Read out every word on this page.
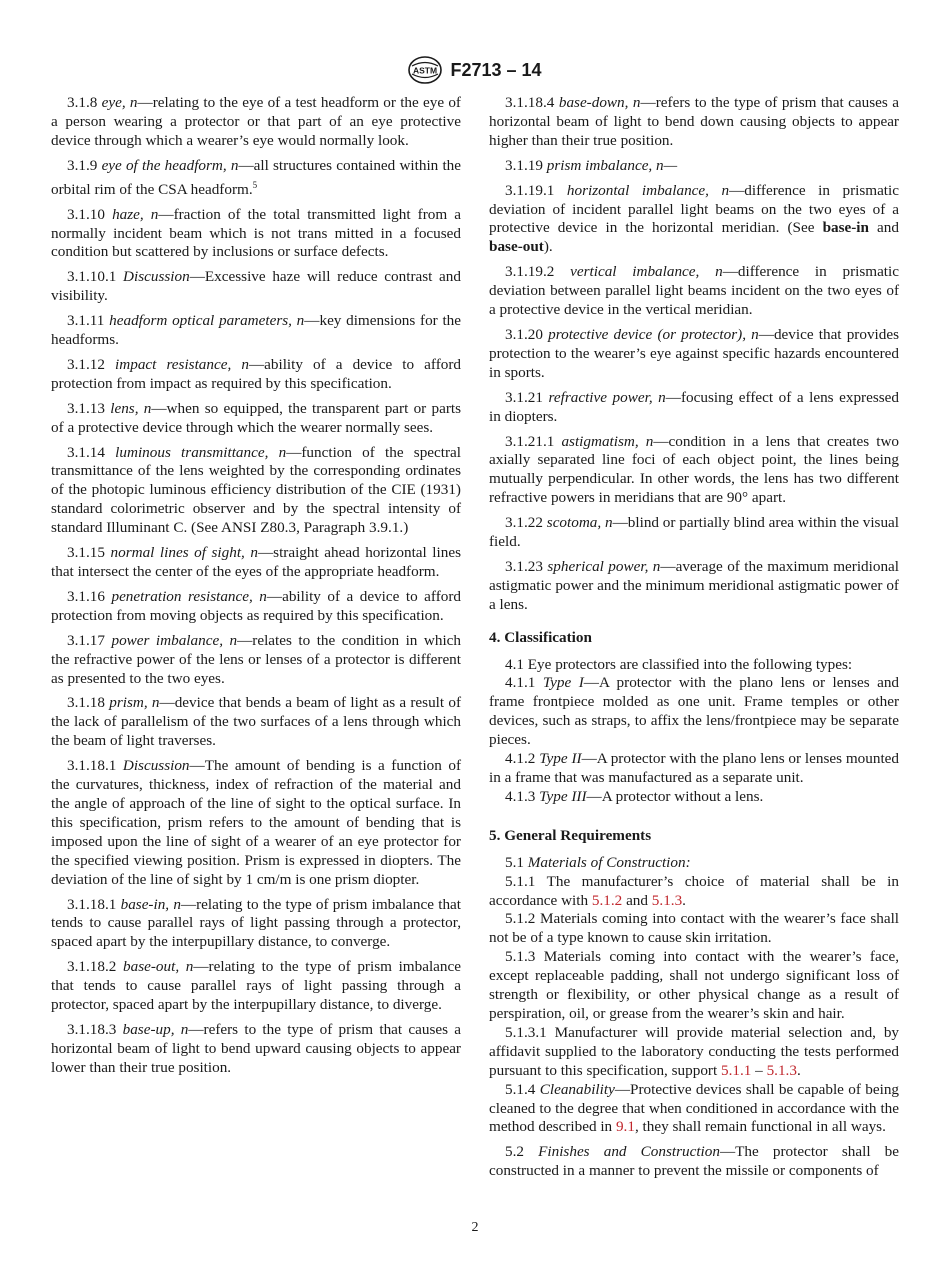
ASTM F2713 – 14

3.1.8 eye, n—relating to the eye of a test headform or the eye of a person wearing a protector or that part of an eye protective device through which a wearer’s eye would normally look.

3.1.9 eye of the headform, n—all structures contained within the orbital rim of the CSA headform.$^5$

3.1.10 haze, n—fraction of the total transmitted light from a normally incident beam which is not trans mitted in a focused condition but scattered by inclusions or surface defects.

3.1.10.1 Discussion—Excessive haze will reduce contrast and visibility.

3.1.11 headform optical parameters, n—key dimensions for the headforms.

3.1.12 impact resistance, n—ability of a device to afford protection from impact as required by this specification.

3.1.13 lens, n—when so equipped, the transparent part or parts of a protective device through which the wearer normally sees.

3.1.14 luminous transmittance, n—function of the spectral transmittance of the lens weighted by the corresponding ordinates of the photopic luminous efficiency distribution of the CIE (1931) standard colorimetric observer and by the spectral intensity of standard Illuminant C. (See ANSI Z80.3, Paragraph 3.9.1.)

3.1.15 normal lines of sight, n—straight ahead horizontal lines that intersect the center of the eyes of the appropriate headform.

3.1.16 penetration resistance, n—ability of a device to afford protection from moving objects as required by this specification.

3.1.17 power imbalance, n—relates to the condition in which the refractive power of the lens or lenses of a protector is different as presented to the two eyes.

3.1.18 prism, n—device that bends a beam of light as a result of the lack of parallelism of the two surfaces of a lens through which the beam of light traverses.

3.1.18.1 Discussion—The amount of bending is a function of the curvatures, thickness, index of refraction of the material and the angle of approach of the line of sight to the optical surface. In this specification, prism refers to the amount of bending that is imposed upon the line of sight of a wearer of an eye protector for the specified viewing position. Prism is expressed in diopters. The deviation of the line of sight by 1 cm/m is one prism diopter.

3.1.18.1 base-in, n—relating to the type of prism imbalance that tends to cause parallel rays of light passing through a protector, spaced apart by the interpupillary distance, to converge.

3.1.18.2 base-out, n—relating to the type of prism imbalance that tends to cause parallel rays of light passing through a protector, spaced apart by the interpupillary distance, to diverge.

3.1.18.3 base-up, n—refers to the type of prism that causes a horizontal beam of light to bend upward causing objects to appear lower than their true position.

3.1.18.4 base-down, n—refers to the type of prism that causes a horizontal beam of light to bend down causing objects to appear higher than their true position.

3.1.19 prism imbalance, n—

3.1.19.1 horizontal imbalance, n—difference in prismatic deviation of incident parallel light beams on the two eyes of a protective device in the horizontal meridian. (See base-in and base-out).

3.1.19.2 vertical imbalance, n—difference in prismatic deviation between parallel light beams incident on the two eyes of a protective device in the vertical meridian.

3.1.20 protective device (or protector), n—device that provides protection to the wearer’s eye against specific hazards encountered in sports.

3.1.21 refractive power, n—focusing effect of a lens expressed in diopters.

3.1.21.1 astigmatism, n—condition in a lens that creates two axially separated line foci of each object point, the lines being mutually perpendicular. In other words, the lens has two different refractive powers in meridians that are 90° apart.

3.1.22 scotoma, n—blind or partially blind area within the visual field.

3.1.23 spherical power, n—average of the maximum meridional astigmatic power and the minimum meridional astigmatic power of a lens.

4. Classification

4.1 Eye protectors are classified into the following types:

4.1.1 Type I—A protector with the plano lens or lenses and frame frontpiece molded as one unit. Frame temples or other devices, such as straps, to affix the lens/frontpiece may be separate pieces.

4.1.2 Type II—A protector with the plano lens or lenses mounted in a frame that was manufactured as a separate unit.

4.1.3 Type III—A protector without a lens.

5. General Requirements

5.1 Materials of Construction:

5.1.1 The manufacturer’s choice of material shall be in accordance with 5.1.2 and 5.1.3.

5.1.2 Materials coming into contact with the wearer’s face shall not be of a type known to cause skin irritation.

5.1.3 Materials coming into contact with the wearer’s face, except replaceable padding, shall not undergo significant loss of strength or flexibility, or other physical change as a result of perspiration, oil, or grease from the wearer’s skin and hair.

5.1.3.1 Manufacturer will provide material selection and, by affidavit supplied to the laboratory conducting the tests performed pursuant to this specification, support 5.1.1 – 5.1.3.

5.1.4 Cleanability—Protective devices shall be capable of being cleaned to the degree that when conditioned in accordance with the method described in 9.1, they shall remain functional in all ways.

5.2 Finishes and Construction—The protector shall be constructed in a manner to prevent the missile or components of

2
